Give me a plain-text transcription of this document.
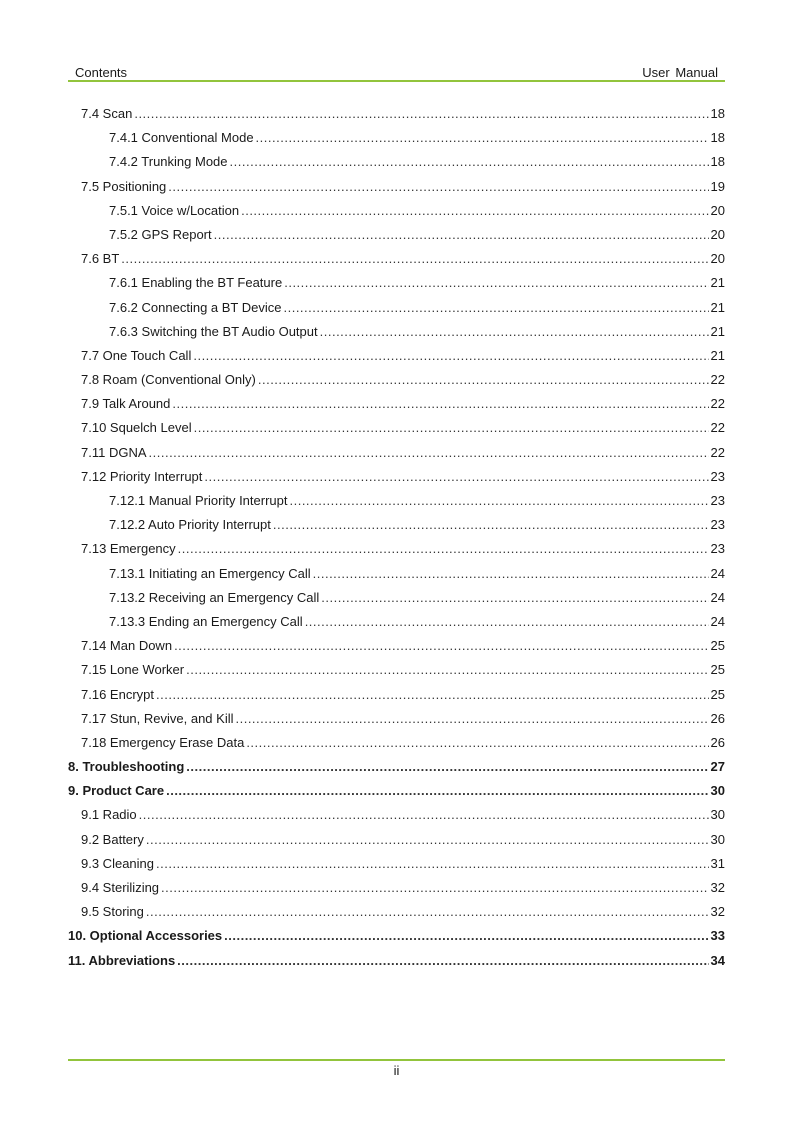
Contents	User Manual
7.4 Scan .....	18
7.4.1 Conventional Mode .....	18
7.4.2 Trunking Mode .....	18
7.5 Positioning .....	19
7.5.1 Voice w/Location .....	20
7.5.2 GPS Report .....	20
7.6 BT .....	20
7.6.1 Enabling the BT Feature .....	21
7.6.2 Connecting a BT Device .....	21
7.6.3 Switching the BT Audio Output .....	21
7.7 One Touch Call .....	21
7.8 Roam (Conventional Only) .....	22
7.9 Talk Around .....	22
7.10 Squelch Level .....	22
7.11 DGNA .....	22
7.12 Priority Interrupt .....	23
7.12.1 Manual Priority Interrupt .....	23
7.12.2 Auto Priority Interrupt .....	23
7.13 Emergency .....	23
7.13.1 Initiating an Emergency Call .....	24
7.13.2 Receiving an Emergency Call .....	24
7.13.3 Ending an Emergency Call .....	24
7.14 Man Down .....	25
7.15 Lone Worker .....	25
7.16 Encrypt .....	25
7.17 Stun, Revive, and Kill .....	26
7.18 Emergency Erase Data .....	26
8. Troubleshooting .....	27
9. Product Care .....	30
9.1 Radio .....	30
9.2 Battery .....	30
9.3 Cleaning .....	31
9.4 Sterilizing .....	32
9.5 Storing .....	32
10. Optional Accessories .....	33
11. Abbreviations .....	34
ii
